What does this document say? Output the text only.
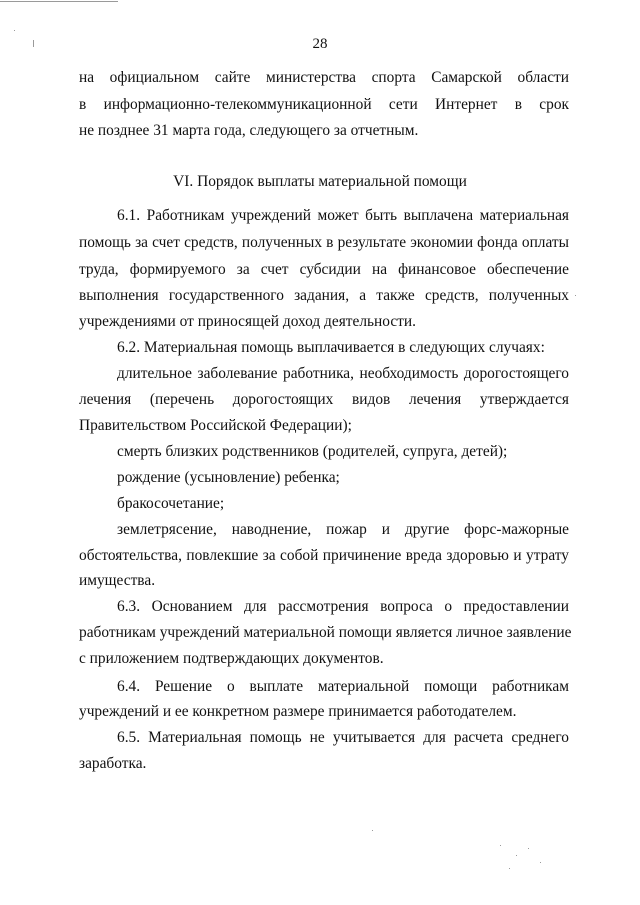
28
на официальном сайте министерства спорта Самарской области
в информационно-телекоммуникационной сети Интернет в срок
не позднее 31 марта года, следующего за отчетным.
VI. Порядок выплаты материальной помощи
6.1. Работникам учреждений может быть выплачена материальная
помощь за счет средств, полученных в результате экономии фонда оплаты
труда, формируемого за счет субсидии на финансовое обеспечение
выполнения государственного задания, а также средств, полученных
учреждениями от приносящей доход деятельности.
6.2. Материальная помощь выплачивается в следующих случаях:
длительное заболевание работника, необходимость дорогостоящего
лечения (перечень дорогостоящих видов лечения утверждается
Правительством Российской Федерации);
смерть близких родственников (родителей, супруга, детей);
рождение (усыновление) ребенка;
бракосочетание;
землетрясение, наводнение, пожар и другие форс-мажорные
обстоятельства, повлекшие за собой причинение вреда здоровью и утрату
имущества.
6.3. Основанием для рассмотрения вопроса о предоставлении
работникам учреждений материальной помощи является личное заявление
с приложением подтверждающих документов.
6.4. Решение о выплате материальной помощи работникам
учреждений и ее конкретном размере принимается работодателем.
6.5. Материальная помощь не учитывается для расчета среднего
заработка.
